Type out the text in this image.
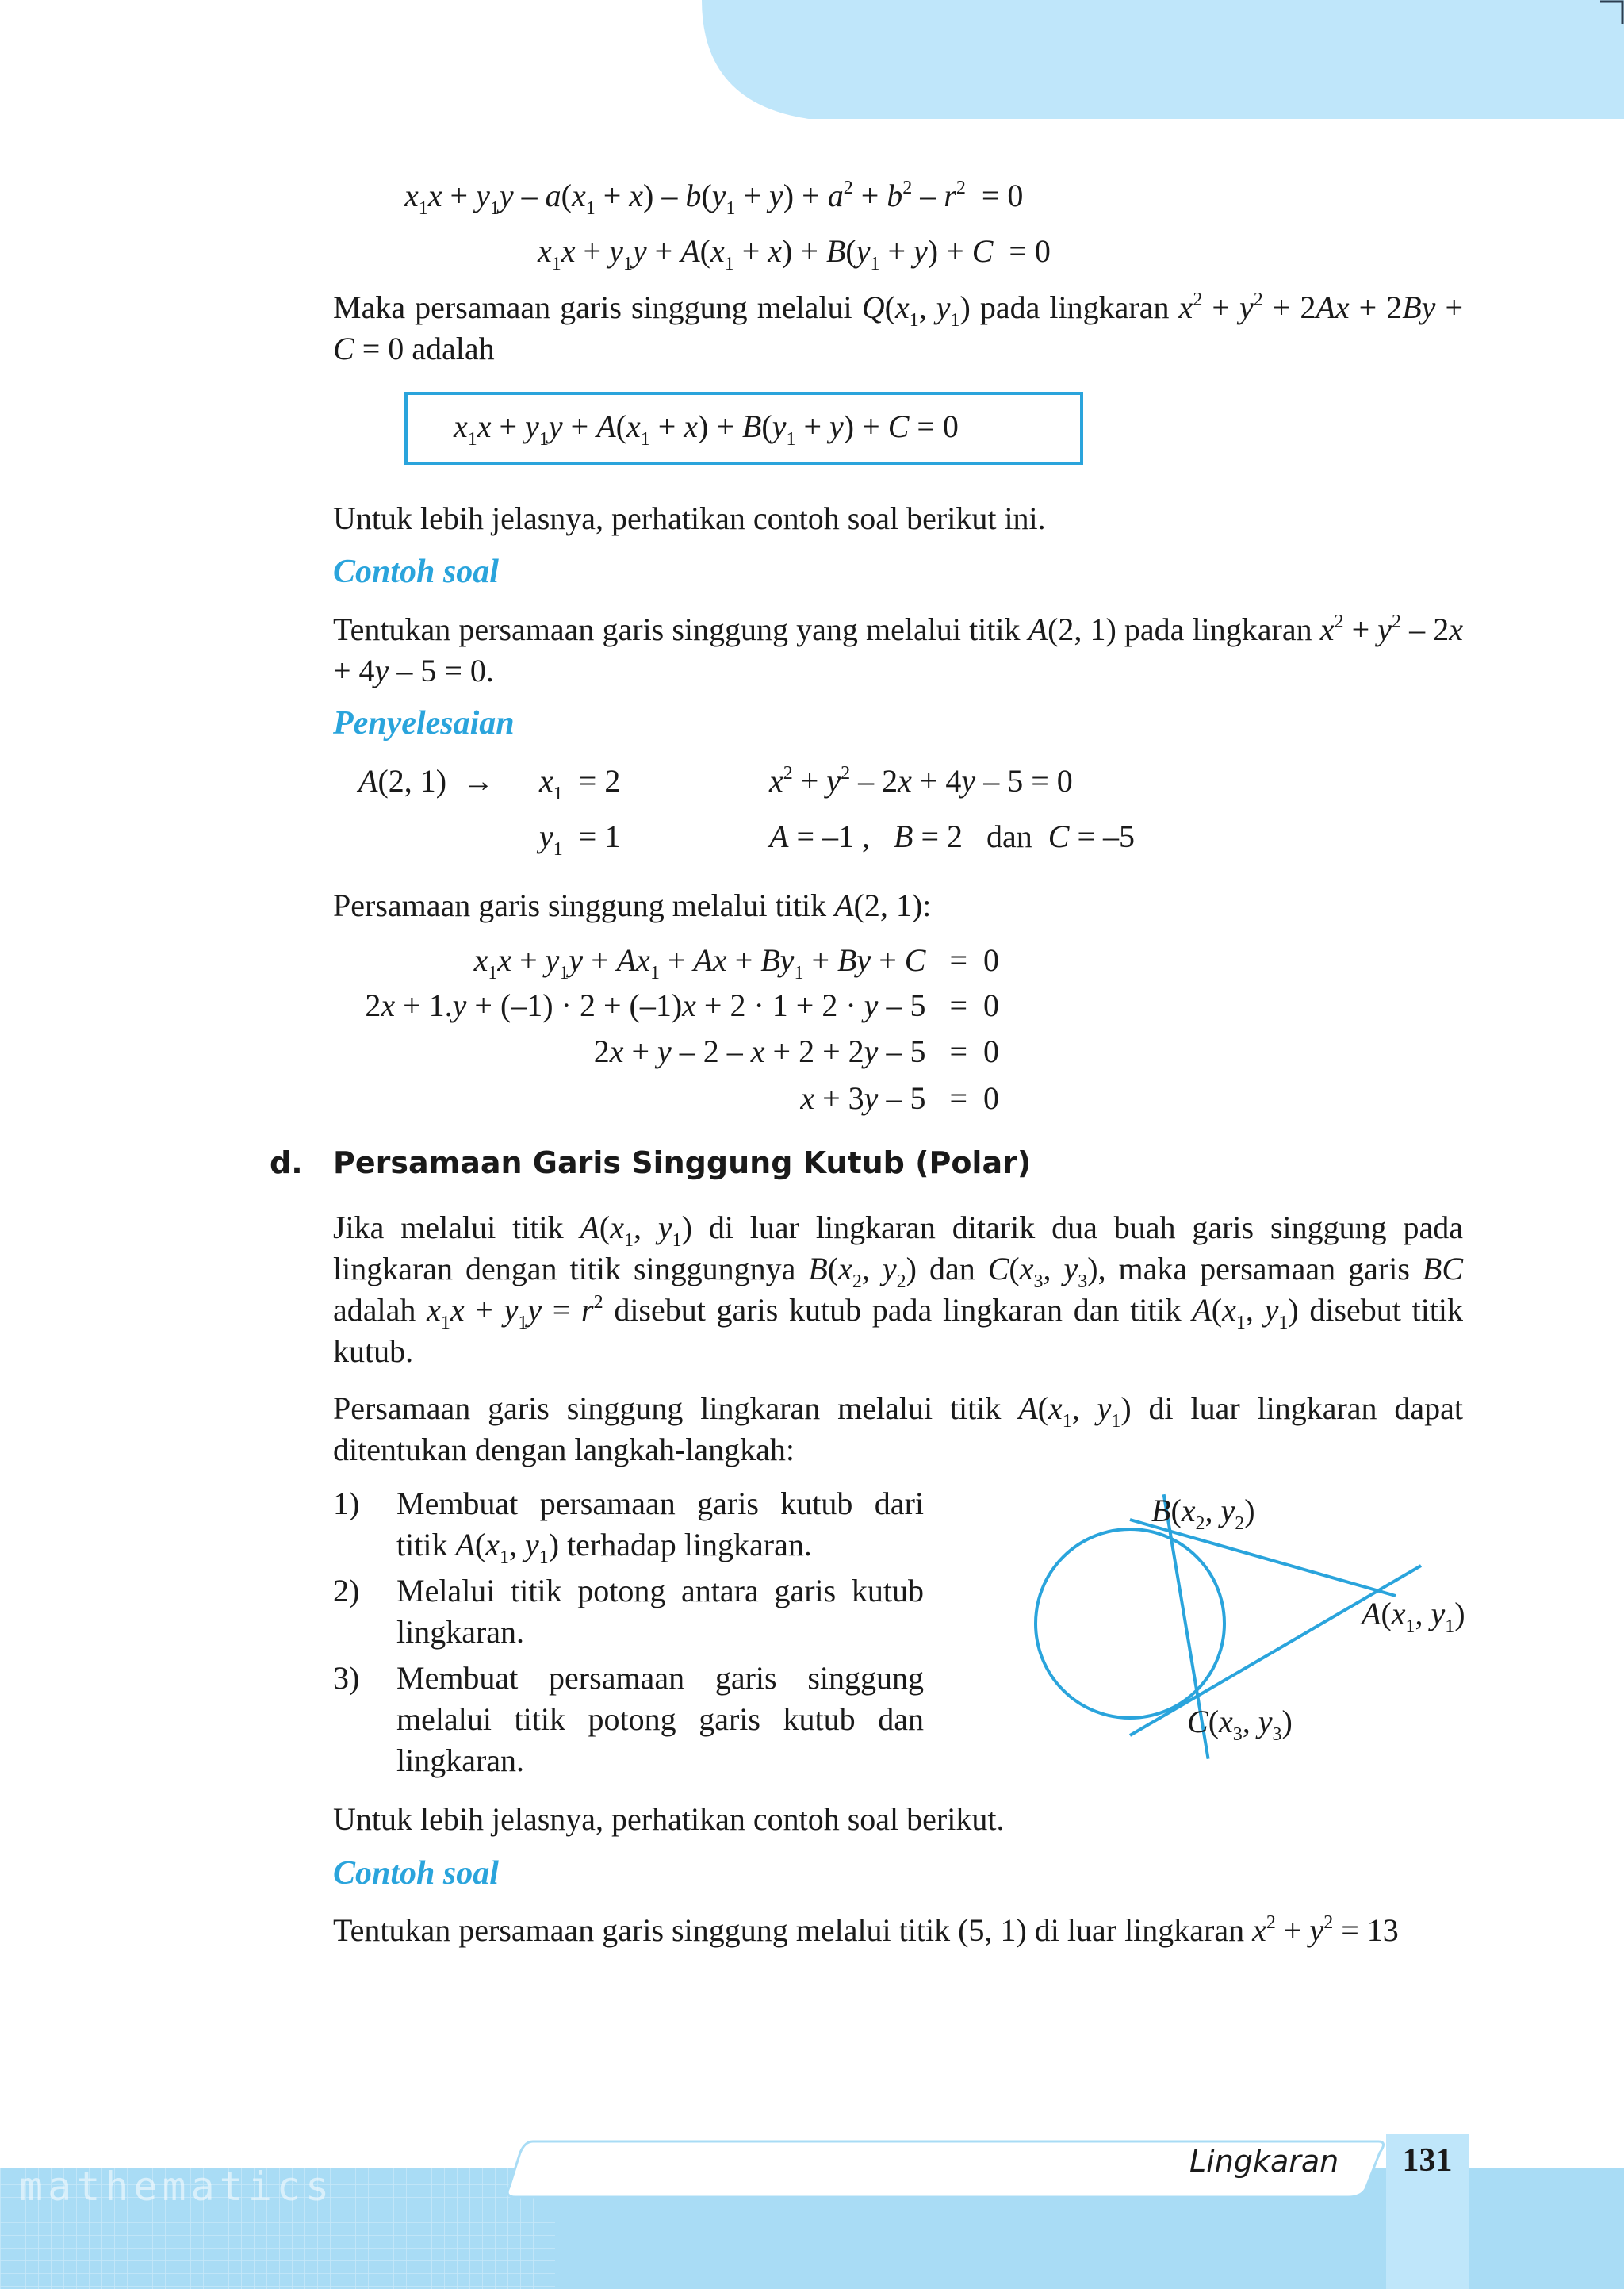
$x_1x + y_1y - a(x_1 + x) - b(y_1 + y) + a^2 + b^2 - r^2 = 0$
$x_1x + y_1y + A(x_1 + x) + B(y_1 + y) + C = 0$
Maka persamaan garis singgung melalui $Q(x_1$, $y_1$) pada lingkaran $x^2 + y^2 + 2Ax + 2By + C = 0$ adalah
$x_1x + y_1y + A(x_1 + x) + B(y_1 + y) + C = 0$
Untuk lebih jelasnya, perhatikan contoh soal berikut ini.
Contoh soal
Tentukan persamaan garis singgung yang melalui titik A(2, 1) pada lingkaran $x^2 + y^2 - 2x + 4y - 5 = 0$.
Penyelesaian
A(2, $1) \to x_1 = 2$
$y_1 = 1$
$x^2 + y^2 - 2x + 4y - 5 = 0$
A = –1 ,   B = 2   dan  C = –5
Persamaan garis singgung melalui titik A(2, 1):
$x_1x + y_1y + Ax_1 + Ax + By_1 + By + C = 0$
2x + 1.y + (–1) · 2 + (–1)x + 2 · 1 + 2 · y – 5   =  0
2x + y – 2 – x + 2 + 2y – 5   =  0
x + 3y – 5   =  0
d. Persamaan Garis Singgung Kutub (Polar)
Jika melalui titik $A(x_1$, $y_1$) di luar lingkaran ditarik dua buah garis singgung pada lingkaran dengan titik singgungnya $B(x_2$, $y_2$) dan $C(x_3$, $y_3$), maka persamaan garis BC adalah $x_1x + y_1y = r^2$ disebut garis kutub pada lingkaran dan titik $A(x_1$, $y_1$) disebut titik kutub.
Persamaan garis singgung lingkaran melalui titik $A(x_1$, $y_1$) di luar lingkaran dapat ditentukan dengan langkah-langkah:
1) Membuat persamaan garis kutub dari titik $A(x_1$, $y_1$) terhadap lingkaran.
2) Melalui titik potong antara garis kutub lingkaran.
3) Membuat persamaan garis singgung melalui titik potong garis kutub dan lingkaran.
$B(x_2$, $y_2$)
$A(x_1$, $y_1$)
$C(x_3$, $y_3$)
Untuk lebih jelasnya, perhatikan contoh soal berikut.
Contoh soal
Tentukan persamaan garis singgung melalui titik (5, 1) di luar lingkaran $x^2 + y^2 = 13$
mathematics
Lingkaran	131
